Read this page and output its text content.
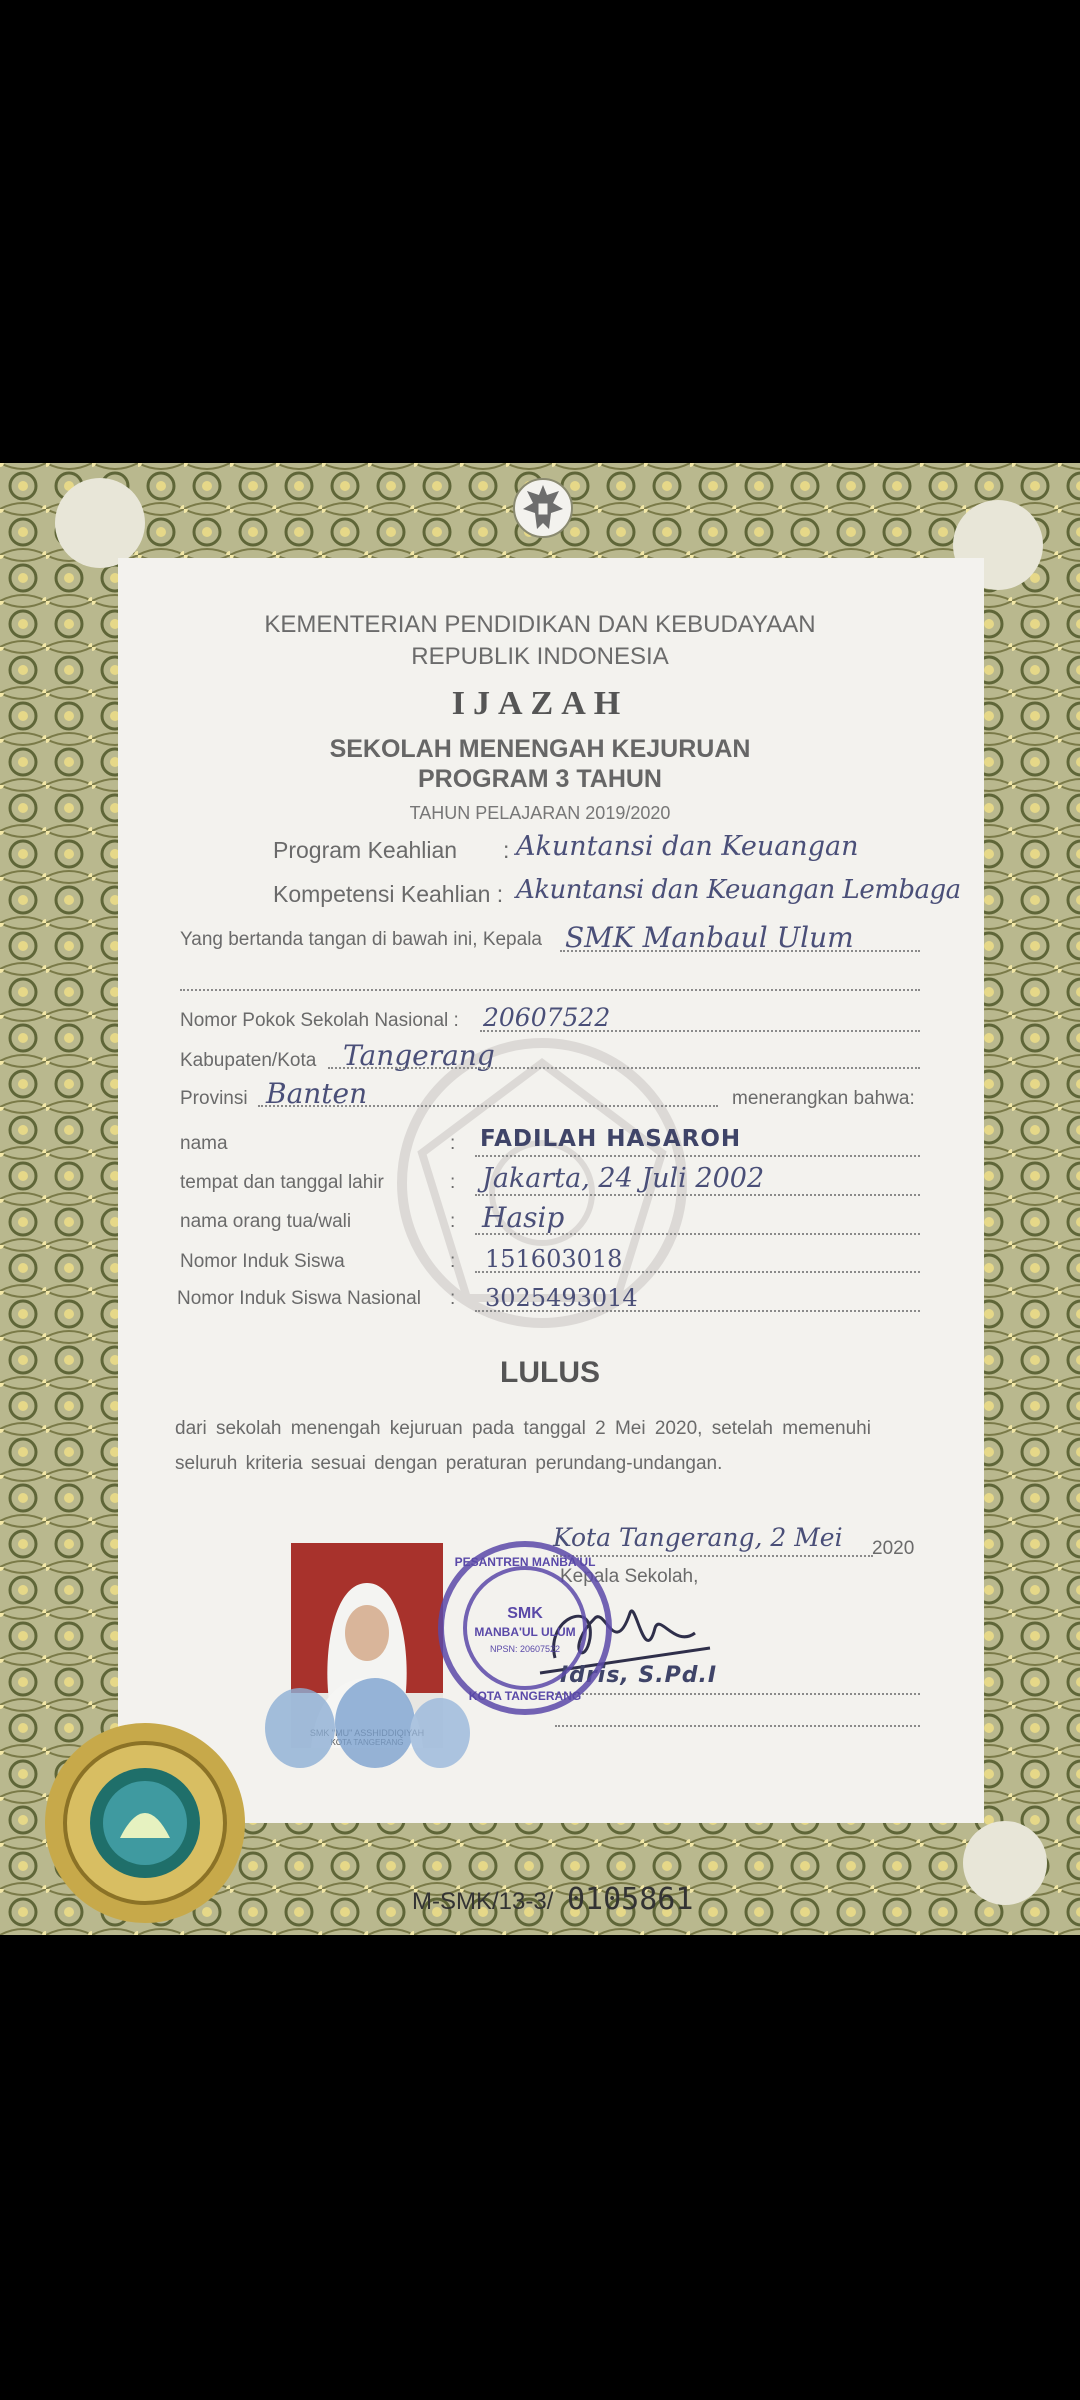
KEMENTERIAN PENDIDIKAN DAN KEBUDAYAAN
REPUBLIK INDONESIA
IJAZAH
SEKOLAH MENENGAH KEJURUAN
PROGRAM 3 TAHUN
TAHUN PELAJARAN 2019/2020
Program Keahlian : Akuntansi dan Keuangan
Kompetensi Keahlian : Akuntansi dan Keuangan Lembaga
Yang bertanda tangan di bawah ini, Kepala SMK Manbaul Ulum
Nomor Pokok Sekolah Nasional : 20607522
Kabupaten/Kota Tangerang
Provinsi Banten	menerangkan bahwa:
nama	: FADILAH HASAROH
tempat dan tanggal lahir	: Jakarta, 24 Juli 2002
nama orang tua/wali	: Hasip
Nomor Induk Siswa	: 151603018
Nomor Induk Siswa Nasional : 3025493014
LULUS
dari sekolah menengah kejuruan pada tanggal 2 Mei 2020, setelah memenuhi
seluruh kriteria sesuai dengan peraturan perundang-undangan.
Kota Tangerang, 2 Mei 2020
Kepala Sekolah,
Idris, S.Pd.I
PESANTREN MANBA'UL
SMK
MANBA'UL ULUM
NPSN: 20607522
KOTA TANGERANG
M-SMK/13-3/ 0105861
